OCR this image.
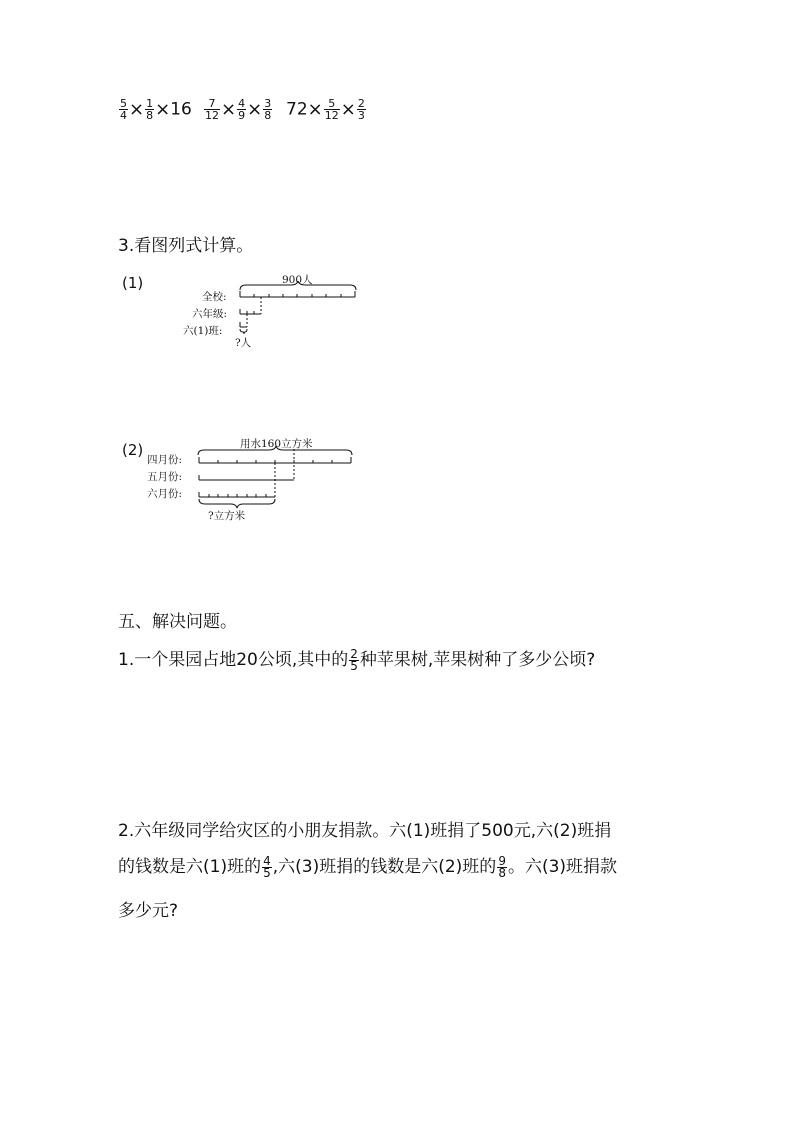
$\frac{5}{4} \times \frac{1}{8} \times 16 \frac{7}{12} \times \frac{4}{9} \times \frac{3}{8} 72\times \frac{5}{12} \times \frac{2}{3}$
3.看图列式计算。
(1)	900人
全校:
六年级:
六(1)班:
?人
(2)	用水160立方米
四月份:
五月份:
六月份:
?立方米
五、解决问题。
1.一个果园占地20公顷,其中的 $\frac{2}{5}$ 种苹果树,苹果树种了多少公顷?
2.六年级同学给灾区的小朋友捐款。六(1)班捐了500元,六(2)班捐
的钱数是六(1)班的 $\frac{4}{5}$ ,六(3)班捐的钱数是六(2)班的 $\frac{9}{8}$ 。六(3)班捐款
多少元?
